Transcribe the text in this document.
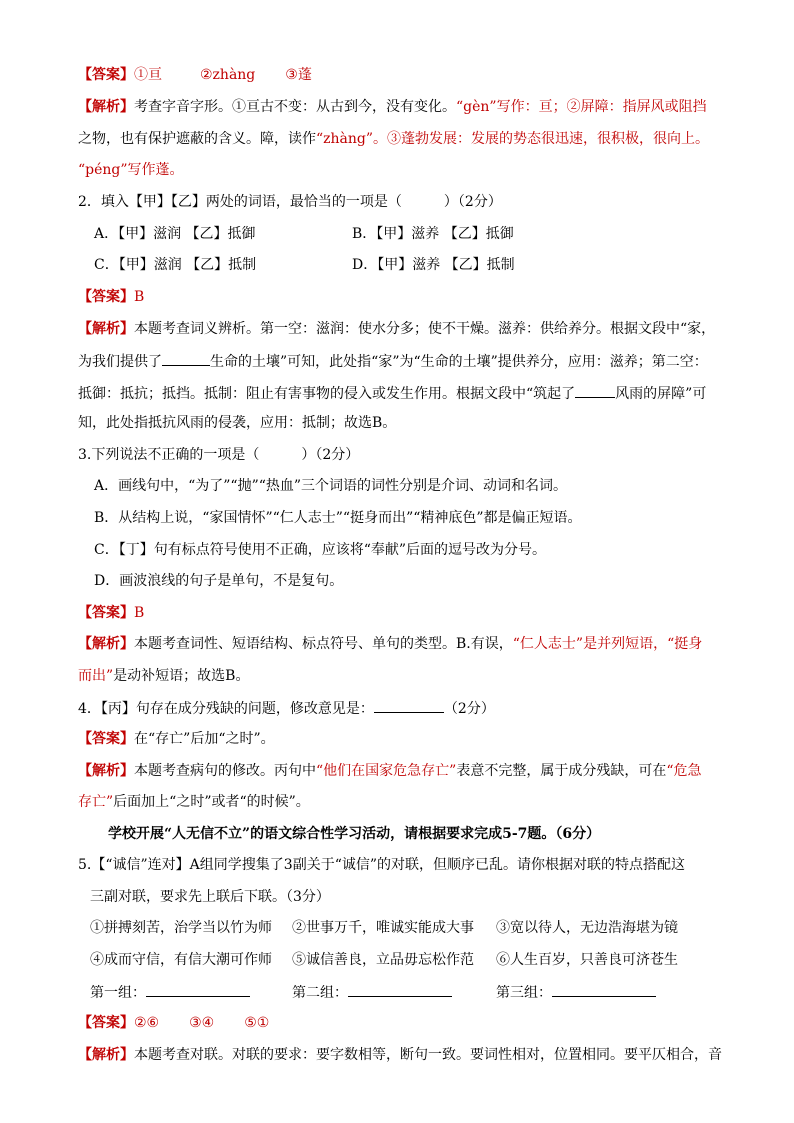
【答案】①亘	②zhàng ③蓬
【解析】考查字音字形。①亘古不变：从古到今，没有变化。“gèn”写作：亘；②屏障：指屏风或阻挡
之物，也有保护遮蔽的含义。障，读作“zhàng”。③蓬勃发展：发展的势态很迅速，很积极，很向上。
“péng”写作蓬。
2．填入【甲】【乙】两处的词语，最恰当的一项是（　　　）（2分）
A．【甲】滋润 【乙】抵御	B．【甲】滋养 【乙】抵御
C．【甲】滋润 【乙】抵制	D．【甲】滋养 【乙】抵制
【答案】B
【解析】本题考查词义辨析。第一空：滋润：使水分多；使不干燥。滋养：供给养分。根据文段中“家，
为我们提供了	生命的土壤”可知，此处指“家”为“生命的土壤”提供养分，应用：滋养；第二空：
抵御：抵抗；抵挡。抵制：阻止有害事物的侵入或发生作用。根据文段中“筑起了	风雨的屏障”可
知，此处指抵抗风雨的侵袭，应用：抵制；故选B。
3.下列说法不正确的一项是（　　　）（2分）
A．画线句中，“为了”“抛”“热血”三个词语的词性分别是介词、动词和名词。
B．从结构上说，“家国情怀”“仁人志士”“挺身而出”“精神底色”都是偏正短语。
C．【丁】句有标点符号使用不正确，应该将“奉献”后面的逗号改为分号。
D．画波浪线的句子是单句，不是复句。
【答案】B
【解析】本题考查词性、短语结构、标点符号、单句的类型。B.有误，“仁人志士”是并列短语，“挺身
而出”是动补短语；故选B。
4．【丙】句存在成分残缺的问题，修改意见是：	（2分）
【答案】在“存亡”后加“之时”。
【解析】本题考查病句的修改。丙句中“他们在国家危急存亡”表意不完整，属于成分残缺，可在“危急
存亡”后面加上“之时”或者“的时候”。
学校开展“人无信不立”的语文综合性学习活动，请根据要求完成5-7题。（6分）
5.【“诚信”连对】A组同学搜集了3副关于“诚信”的对联，但顺序已乱。请你根据对联的特点搭配这
三副对联，要求先上联后下联。（3分）
①拼搏刻苦，治学当以竹为师 ②世事万千，唯诚实能成大事 ③宽以待人，无边浩海堪为镜
④成而守信，有信大潮可作师 ⑤诚信善良，立品毋忘松作范 ⑥人生百岁，只善良可济苍生
第一组：	第二组：	第三组：
【答案】②⑥ ③④ ⑤①
【解析】本题考查对联。对联的要求：要字数相等，断句一致。要词性相对，位置相同。要平仄相合，音
